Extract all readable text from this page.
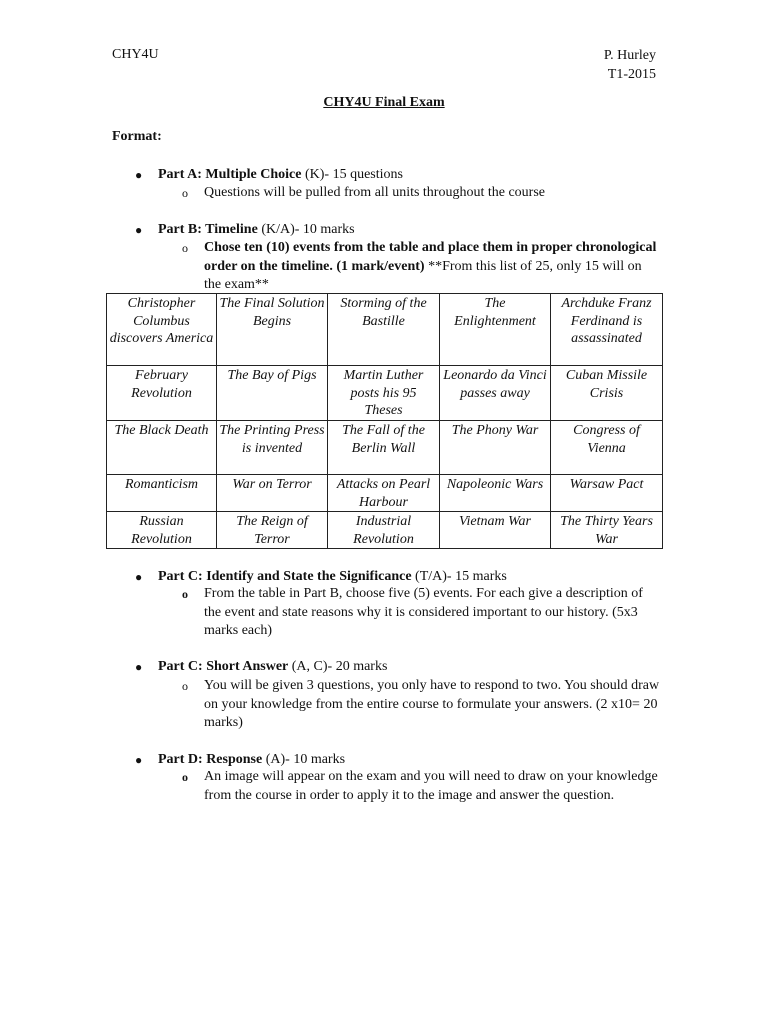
CHY4U	P. Hurley
T1-2015
CHY4U Final Exam
Format:
●	Part A: Multiple Choice (K)- 15 questions
o Questions will be pulled from all units throughout the course
●	Part B: Timeline (K/A)- 10 marks
o Chose ten (10) events from the table and place them in proper chronological order on the timeline. (1 mark/event) **From this list of 25, only 15 will on the exam**
Christopher Columbus discovers America	The Final Solution Begins	Storming of the Bastille	The Enlightenment	Archduke Franz Ferdinand is assassinated
February Revolution	The Bay of Pigs	Martin Luther posts his 95 Theses	Leonardo da Vinci passes away	Cuban Missile Crisis
The Black Death	The Printing Press is invented	The Fall of the Berlin Wall	The Phony War	Congress of Vienna
Romanticism	War on Terror	Attacks on Pearl Harbour	Napoleonic Wars	Warsaw Pact
Russian Revolution	The Reign of Terror	Industrial Revolution	Vietnam War	The Thirty Years War
●	Part C: Identify and State the Significance (T/A)- 15 marks
o From the table in Part B, choose five (5) events. For each give a description of the event and state reasons why it is considered important to our history. (5x3 marks each)
●	Part C: Short Answer (A, C)- 20 marks
o You will be given 3 questions, you only have to respond to two. You should draw on your knowledge from the entire course to formulate your answers. (2 x10= 20 marks)
●	Part D: Response (A)- 10 marks
o An image will appear on the exam and you will need to draw on your knowledge from the course in order to apply it to the image and answer the question.
